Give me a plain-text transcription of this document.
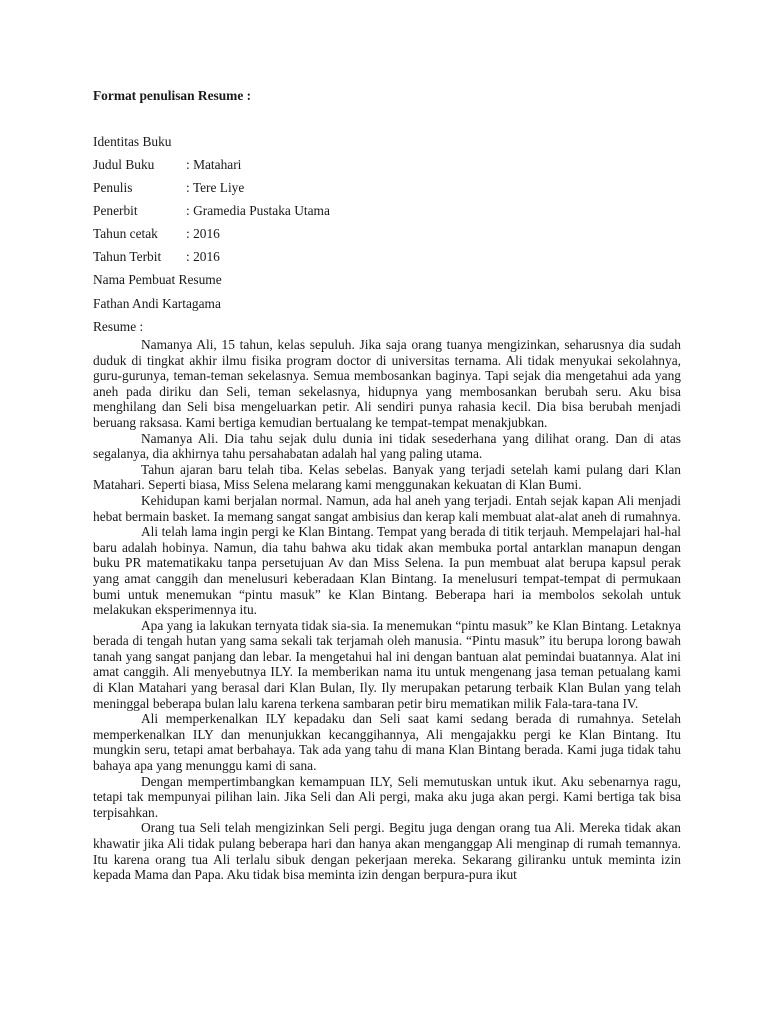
Format penulisan Resume :
Identitas Buku
Judul Buku : Matahari
Penulis	: Tere Liye
Penerbit	: Gramedia Pustaka Utama
Tahun cetak : 2016
Tahun Terbit : 2016
Nama Pembuat Resume
Fathan Andi Kartagama
Resume :

Namanya Ali, 15 tahun, kelas sepuluh. Jika saja orang tuanya mengizinkan, seharusnya dia sudah duduk di tingkat akhir ilmu fisika program doctor di universitas ternama. Ali tidak menyukai sekolahnya, guru-gurunya, teman-teman sekelasnya. Semua membosankan baginya. Tapi sejak dia mengetahui ada yang aneh pada diriku dan Seli, teman sekelasnya, hidupnya yang membosankan berubah seru. Aku bisa menghilang dan Seli bisa mengeluarkan petir. Ali sendiri punya rahasia kecil. Dia bisa berubah menjadi beruang raksasa. Kami bertiga kemudian bertualang ke tempat-tempat menakjubkan.

Namanya Ali. Dia tahu sejak dulu dunia ini tidak sesederhana yang dilihat orang. Dan di atas segalanya, dia akhirnya tahu persahabatan adalah hal yang paling utama.

Tahun ajaran baru telah tiba. Kelas sebelas. Banyak yang terjadi setelah kami pulang dari Klan Matahari. Seperti biasa, Miss Selena melarang kami menggunakan kekuatan di Klan Bumi.

Kehidupan kami berjalan normal. Namun, ada hal aneh yang terjadi. Entah sejak kapan Ali menjadi hebat bermain basket. Ia memang sangat sangat ambisius dan kerap kali membuat alat-alat aneh di rumahnya.

Ali telah lama ingin pergi ke Klan Bintang. Tempat yang berada di titik terjauh. Mempelajari hal-hal baru adalah hobinya. Namun, dia tahu bahwa aku tidak akan membuka portal antarklan manapun dengan buku PR matematikaku tanpa persetujuan Av dan Miss Selena. Ia pun membuat alat berupa kapsul perak yang amat canggih dan menelusuri keberadaan Klan Bintang. Ia menelusuri tempat-tempat di permukaan bumi untuk menemukan “pintu masuk” ke Klan Bintang. Beberapa hari ia membolos sekolah untuk melakukan eksperimennya itu.

Apa yang ia lakukan ternyata tidak sia-sia. Ia menemukan “pintu masuk” ke Klan Bintang. Letaknya berada di tengah hutan yang sama sekali tak terjamah oleh manusia. “Pintu masuk” itu berupa lorong bawah tanah yang sangat panjang dan lebar. Ia mengetahui hal ini dengan bantuan alat pemindai buatannya. Alat ini amat canggih. Ali menyebutnya ILY. Ia memberikan nama itu untuk mengenang jasa teman petualang kami di Klan Matahari yang berasal dari Klan Bulan, Ily. Ily merupakan petarung terbaik Klan Bulan yang telah meninggal beberapa bulan lalu karena terkena sambaran petir biru mematikan milik Fala-tara-tana IV.

Ali memperkenalkan ILY kepadaku dan Seli saat kami sedang berada di rumahnya. Setelah memperkenalkan ILY dan menunjukkan kecanggihannya, Ali mengajakku pergi ke Klan Bintang. Itu mungkin seru, tetapi amat berbahaya. Tak ada yang tahu di mana Klan Bintang berada. Kami juga tidak tahu bahaya apa yang menunggu kami di sana.

Dengan mempertimbangkan kemampuan ILY, Seli memutuskan untuk ikut. Aku sebenarnya ragu, tetapi tak mempunyai pilihan lain. Jika Seli dan Ali pergi, maka aku juga akan pergi. Kami bertiga tak bisa terpisahkan.

Orang tua Seli telah mengizinkan Seli pergi. Begitu juga dengan orang tua Ali. Mereka tidak akan khawatir jika Ali tidak pulang beberapa hari dan hanya akan menganggap Ali menginap di rumah temannya. Itu karena orang tua Ali terlalu sibuk dengan pekerjaan mereka. Sekarang giliranku untuk meminta izin kepada Mama dan Papa. Aku tidak bisa meminta izin dengan berpura-pura ikut
